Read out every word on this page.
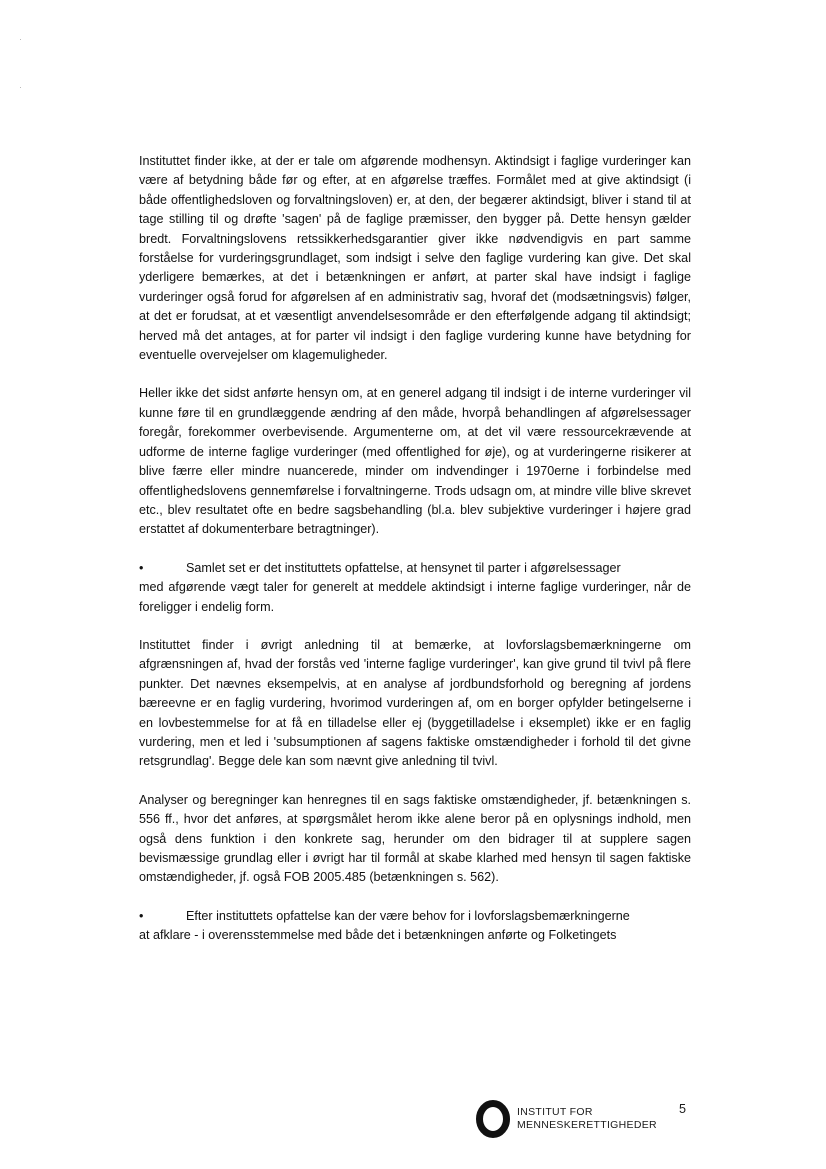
Instituttet finder ikke, at der er tale om afgørende modhensyn. Aktindsigt i faglige vurderinger kan være af betydning både før og efter, at en afgørelse træffes. Formålet med at give aktindsigt (i både offentlighedsloven og forvaltningsloven) er, at den, der begærer aktindsigt, bliver i stand til at tage stilling til og drøfte 'sagen' på de faglige præmisser, den bygger på. Dette hensyn gælder bredt. Forvaltningslovens retssikkerhedsgarantier giver ikke nødvendigvis en part samme forståelse for vurderingsgrundlaget, som indsigt i selve den faglige vurdering kan give. Det skal yderligere bemærkes, at det i betænkningen er anført, at parter skal have indsigt i faglige vurderinger også forud for afgørelsen af en administrativ sag, hvoraf det (modsætningsvis) følger, at det er forudsat, at et væsentligt anvendelsesområde er den efterfølgende adgang til aktindsigt; herved må det antages, at for parter vil indsigt i den faglige vurdering kunne have betydning for eventuelle overvejelser om klagemuligheder.

Heller ikke det sidst anførte hensyn om, at en generel adgang til indsigt i de interne vurderinger vil kunne føre til en grundlæggende ændring af den måde, hvorpå behandlingen af afgørelsessager foregår, forekommer overbevisende. Argumenterne om, at det vil være ressourcekrævende at udforme de interne faglige vurderinger (med offentlighed for øje), og at vurderingerne risikerer at blive færre eller mindre nuancerede, minder om indvendinger i 1970erne i forbindelse med offentlighedslovens gennemførelse i forvaltningerne. Trods udsagn om, at mindre ville blive skrevet etc., blev resultatet ofte en bedre sagsbehandling (bl.a. blev subjektive vurderinger i højere grad erstattet af dokumenterbare betragtninger).

•	Samlet set er det instituttets opfattelse, at hensynet til parter i afgørelsessager
med afgørende vægt taler for generelt at meddele aktindsigt i interne faglige vurderinger, når de foreligger i endelig form.

Instituttet finder i øvrigt anledning til at bemærke, at lovforslagsbemærkningerne om afgrænsningen af, hvad der forstås ved 'interne faglige vurderinger', kan give grund til tvivl på flere punkter. Det nævnes eksempelvis, at en analyse af jordbundsforhold og beregning af jordens bæreevne er en faglig vurdering, hvorimod vurderingen af, om en borger opfylder betingelserne i en lovbestemmelse for at få en tilladelse eller ej (byggetilladelse i eksemplet) ikke er en faglig vurdering, men et led i 'subsumptionen af sagens faktiske omstændigheder i forhold til det givne retsgrundlag'. Begge dele kan som nævnt give anledning til tvivl.

Analyser og beregninger kan henregnes til en sags faktiske omstændigheder, jf. betænkningen s. 556 ff., hvor det anføres, at spørgsmålet herom ikke alene beror på en oplysnings indhold, men også dens funktion i den konkrete sag, herunder om den bidrager til at supplere sagen bevismæssige grundlag eller i øvrigt har til formål at skabe klarhed med hensyn til sagen faktiske omstændigheder, jf. også FOB 2005.485 (betænkningen s. 562).

•	Efter instituttets opfattelse kan der være behov for i lovforslagsbemærkningerne
at afklare - i overensstemmelse med både det i betænkningen anførte og Folketingets
INSTITUT FOR
MENNESKERETTIGHEDER
5
